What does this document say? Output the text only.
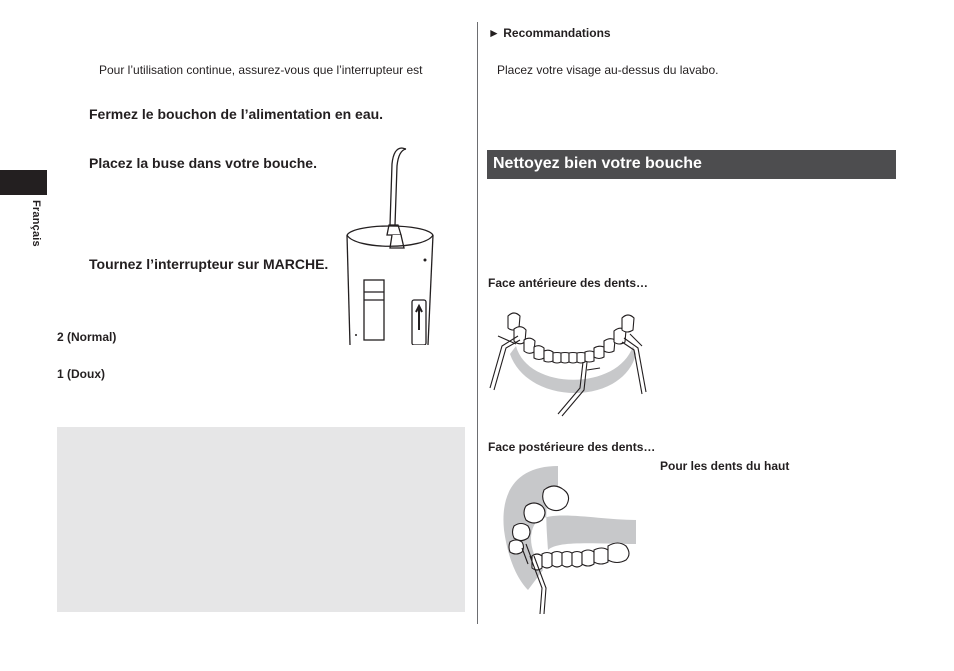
Français
Pour l’utilisation continue, assurez-vous que l’interrupteur est
Fermez le bouchon de l’alimentation en eau.
Placez la buse dans votre bouche.
Tournez l’interrupteur sur MARCHE.
2 (Normal)
1 (Doux)
► Recommandations
Placez votre visage au-dessus du lavabo.
Nettoyez bien votre bouche
Face antérieure des dents…
Face postérieure des dents…
Pour les dents du haut
